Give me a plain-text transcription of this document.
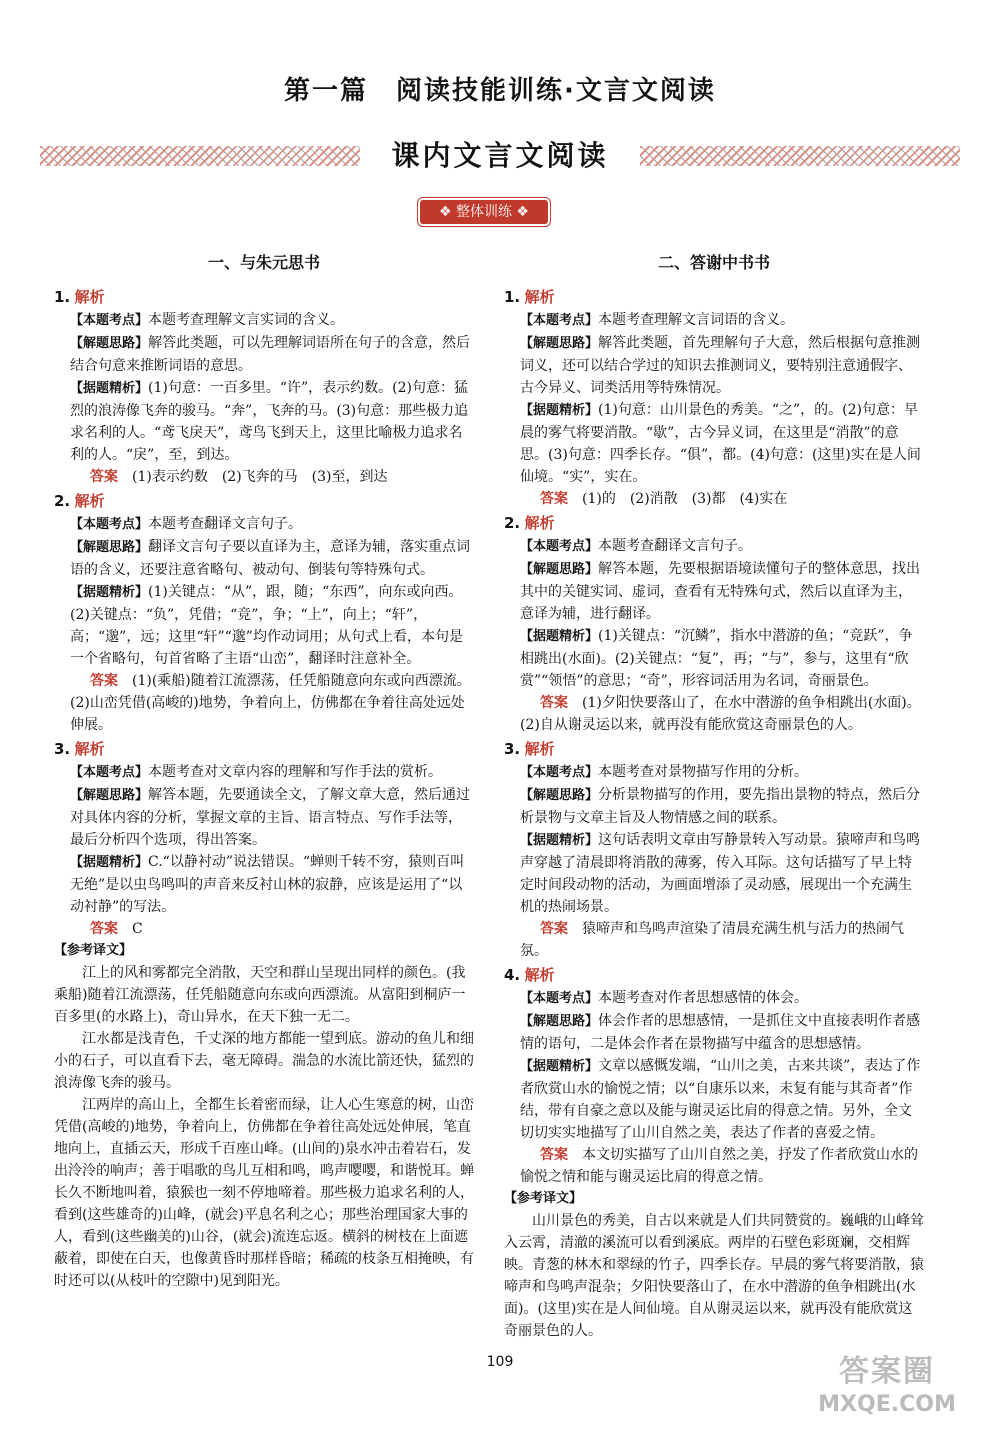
第一篇　阅读技能训练·文言文阅读
课内文言文阅读
❖ 整体训练 ❖
一、与朱元思书
1. 解析

【本题考点】本题考查理解文言实词的含义。

【解题思路】解答此类题，可以先理解词语所在句子的含意，然后结合句意来推断词语的意思。

【据题精析】(1)句意：一百多里。“许”，表示约数。(2)句意：猛烈的浪涛像飞奔的骏马。“奔”，飞奔的马。(3)句意：那些极力追求名利的人。“鸢飞戾天”，鸢鸟飞到天上，这里比喻极力追求名利的人。“戾”，至，到达。

答案　 (1)表示约数　(2)飞奔的马　(3)至，到达

2. 解析

【本题考点】本题考查翻译文言句子。

【解题思路】翻译文言句子要以直译为主，意译为辅，落实重点词语的含义，还要注意省略句、被动句、倒装句等特殊句式。

【据题精析】(1)关键点：“从”，跟，随；“东西”，向东或向西。(2)关键点：“负”，凭借；“竞”，争；“上”，向上；“轩”，高；“邈”，远；这里“轩”“邈”均作动词用；从句式上看，本句是一个省略句，句首省略了主语“山峦”，翻译时注意补全。

答案　 (1)(乘船)随着江流漂荡，任凭船随意向东或向西漂流。

(2)山峦凭借(高峻的)地势，争着向上，仿佛都在争着往高处远处伸展。

3. 解析

【本题考点】本题考查对文章内容的理解和写作手法的赏析。

【解题思路】解答本题，先要通读全文，了解文章大意，然后通过对具体内容的分析，掌握文章的主旨、语言特点、写作手法等，最后分析四个选项，得出答案。

【据题精析】C.“以静衬动”说法错误。“蝉则千转不穷，猿则百叫无绝”是以虫鸟鸣叫的声音来反衬山林的寂静，应该是运用了“以动衬静”的写法。

答案　 C

【参考译文】

江上的风和雾都完全消散，天空和群山呈现出同样的颜色。(我乘船)随着江流漂荡，任凭船随意向东或向西漂流。从富阳到桐庐一百多里(的水路上)，奇山异水，在天下独一无二。

江水都是浅青色，千丈深的地方都能一望到底。游动的鱼儿和细小的石子，可以直看下去，毫无障碍。湍急的水流比箭还快，猛烈的浪涛像飞奔的骏马。

江两岸的高山上，全都生长着密而绿，让人心生寒意的树，山峦凭借(高峻的)地势，争着向上，仿佛都在争着往高处远处伸展，笔直地向上，直插云天，形成千百座山峰。(山间的)泉水冲击着岩石，发出泠泠的响声；善于唱歌的鸟儿互相和鸣，鸣声嘤嘤，和谐悦耳。蝉长久不断地叫着，猿猴也一刻不停地啼着。那些极力追求名利的人，看到(这些雄奇的)山峰，(就会)平息名利之心；那些治理国家大事的人，看到(这些幽美的)山谷，(就会)流连忘返。横斜的树枝在上面遮蔽着，即使在白天，也像黄昏时那样昏暗；稀疏的枝条互相掩映，有时还可以(从枝叶的空隙中)见到阳光。

二、答谢中书书
1. 解析

【本题考点】本题考查理解文言词语的含义。

【解题思路】解答此类题，首先理解句子大意，然后根据句意推测词义，还可以结合学过的知识去推测词义，要特别注意通假字、古今异义、词类活用等特殊情况。

【据题精析】(1)句意：山川景色的秀美。“之”，的。(2)句意：早晨的雾气将要消散。“歇”，古今异义词，在这里是“消散”的意思。(3)句意：四季长存。“俱”，都。(4)句意：(这里)实在是人间仙境。“实”，实在。

答案　 (1)的　(2)消散　(3)都　(4)实在

2. 解析

【本题考点】本题考查翻译文言句子。

【解题思路】解答本题，先要根据语境读懂句子的整体意思，找出其中的关键实词、虚词，查看有无特殊句式，然后以直译为主，意译为辅，进行翻译。

【据题精析】(1)关键点：“沉鳞”，指水中潜游的鱼；“竞跃”，争相跳出(水面)。(2)关键点：“复”，再；“与”，参与，这里有“欣赏”“领悟”的意思；“奇”，形容词活用为名词，奇丽景色。

答案　 (1)夕阳快要落山了，在水中潜游的鱼争相跳出(水面)。

(2)自从谢灵运以来，就再没有能欣赏这奇丽景色的人。

3. 解析

【本题考点】本题考查对景物描写作用的分析。

【解题思路】分析景物描写的作用，要先指出景物的特点，然后分析景物与文章主旨及人物情感之间的联系。

【据题精析】这句话表明文章由写静景转入写动景。猿啼声和鸟鸣声穿越了清晨即将消散的薄雾，传入耳际。这句话描写了早上特定时间段动物的活动，为画面增添了灵动感，展现出一个充满生机的热闹场景。

答案　 猿啼声和鸟鸣声渲染了清晨充满生机与活力的热闹气氛。

4. 解析

【本题考点】本题考查对作者思想感情的体会。

【解题思路】体会作者的思想感情，一是抓住文中直接表明作者感情的语句，二是体会作者在景物描写中蕴含的思想感情。

【据题精析】文章以感慨发端，“山川之美，古来共谈”，表达了作者欣赏山水的愉悦之情；以“自康乐以来，未复有能与其奇者”作结，带有自豪之意以及能与谢灵运比肩的得意之情。另外，全文切切实实地描写了山川自然之美，表达了作者的喜爱之情。

答案　 本文切实描写了山川自然之美，抒发了作者欣赏山水的愉悦之情和能与谢灵运比肩的得意之情。

【参考译文】

山川景色的秀美，自古以来就是人们共同赞赏的。巍峨的山峰耸入云霄，清澈的溪流可以看到溪底。两岸的石壁色彩斑斓，交相辉映。青葱的林木和翠绿的竹子，四季长存。早晨的雾气将要消散，猿啼声和鸟鸣声混杂；夕阳快要落山了，在水中潜游的鱼争相跳出(水面)。(这里)实在是人间仙境。自从谢灵运以来，就再没有能欣赏这奇丽景色的人。

109	答案圈
MXQE.COM
